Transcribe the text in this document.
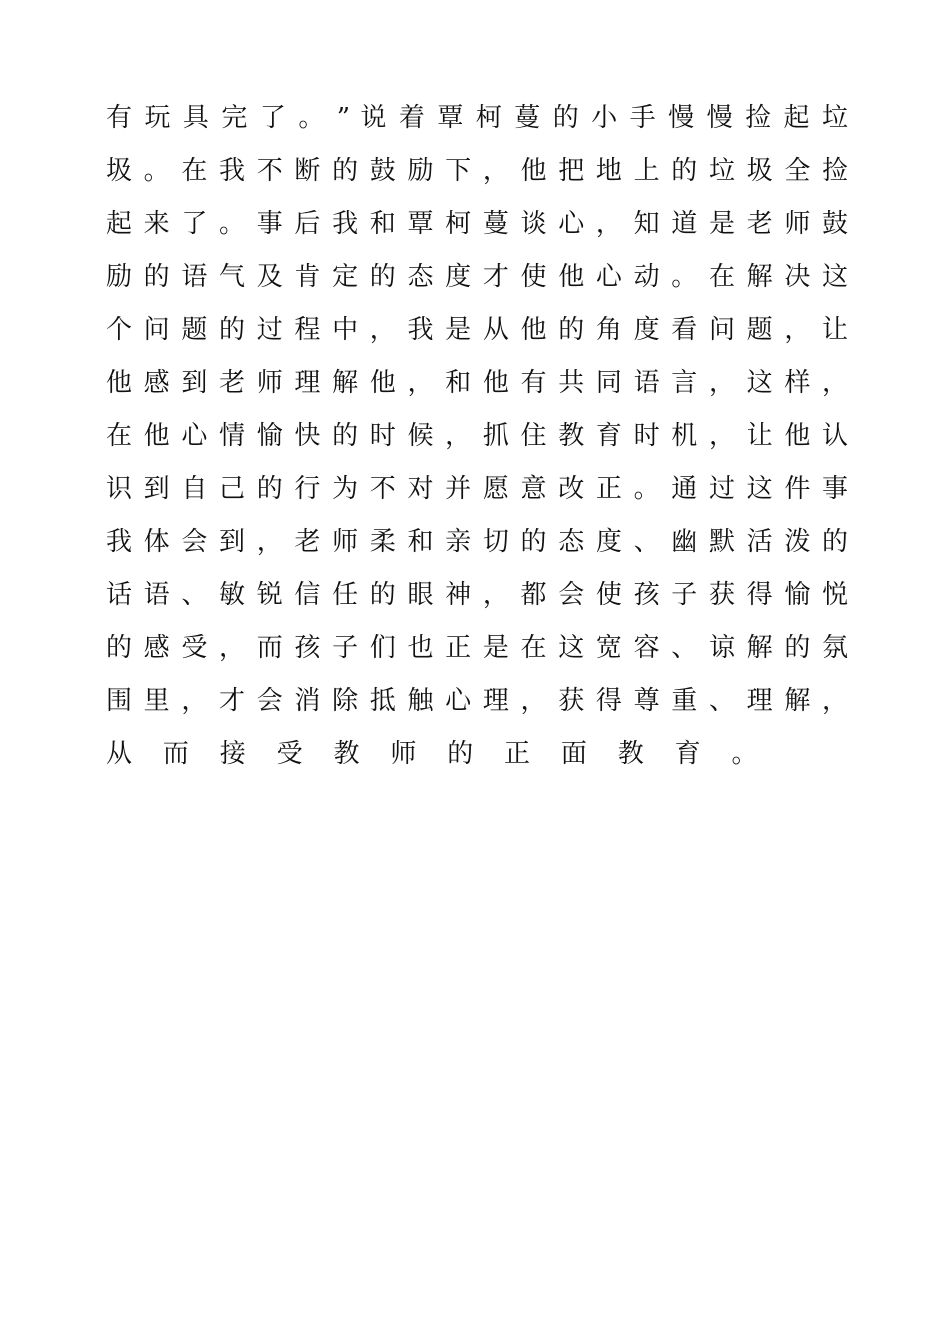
有 玩 具 完 了 。 ” 说 着 覃 柯 蔓 的 小 手 慢 慢 捡 起 垃
圾 。 在 我 不 断 的 鼓 励 下 ， 他 把 地 上 的 垃 圾 全 捡
起 来 了 。 事 后 我 和 覃 柯 蔓 谈 心 ， 知 道 是 老 师 鼓
励 的 语 气 及 肯 定 的 态 度 才 使 他 心 动 。 在 解 决 这
个 问 题 的 过 程 中 ， 我 是 从 他 的 角 度 看 问 题 ， 让
他 感 到 老 师 理 解 他 ， 和 他 有 共 同 语 言 ， 这 样 ，
在 他 心 情 愉 快 的 时 候 ， 抓 住 教 育 时 机 ， 让 他 认
识 到 自 己 的 行 为 不 对 并 愿 意 改 正 。 通 过 这 件 事
我 体 会 到 ， 老 师 柔 和 亲 切 的 态 度 、 幽 默 活 泼 的
话 语 、 敏 锐 信 任 的 眼 神 ， 都 会 使 孩 子 获 得 愉 悦
的 感 受 ， 而 孩 子 们 也 正 是 在 这 宽 容 、 谅 解 的 氛
围 里 ， 才 会 消 除 抵 触 心 理 ， 获 得 尊 重 、 理 解 ，
从 而 接 受 教 师 的 正 面 教 育 。
